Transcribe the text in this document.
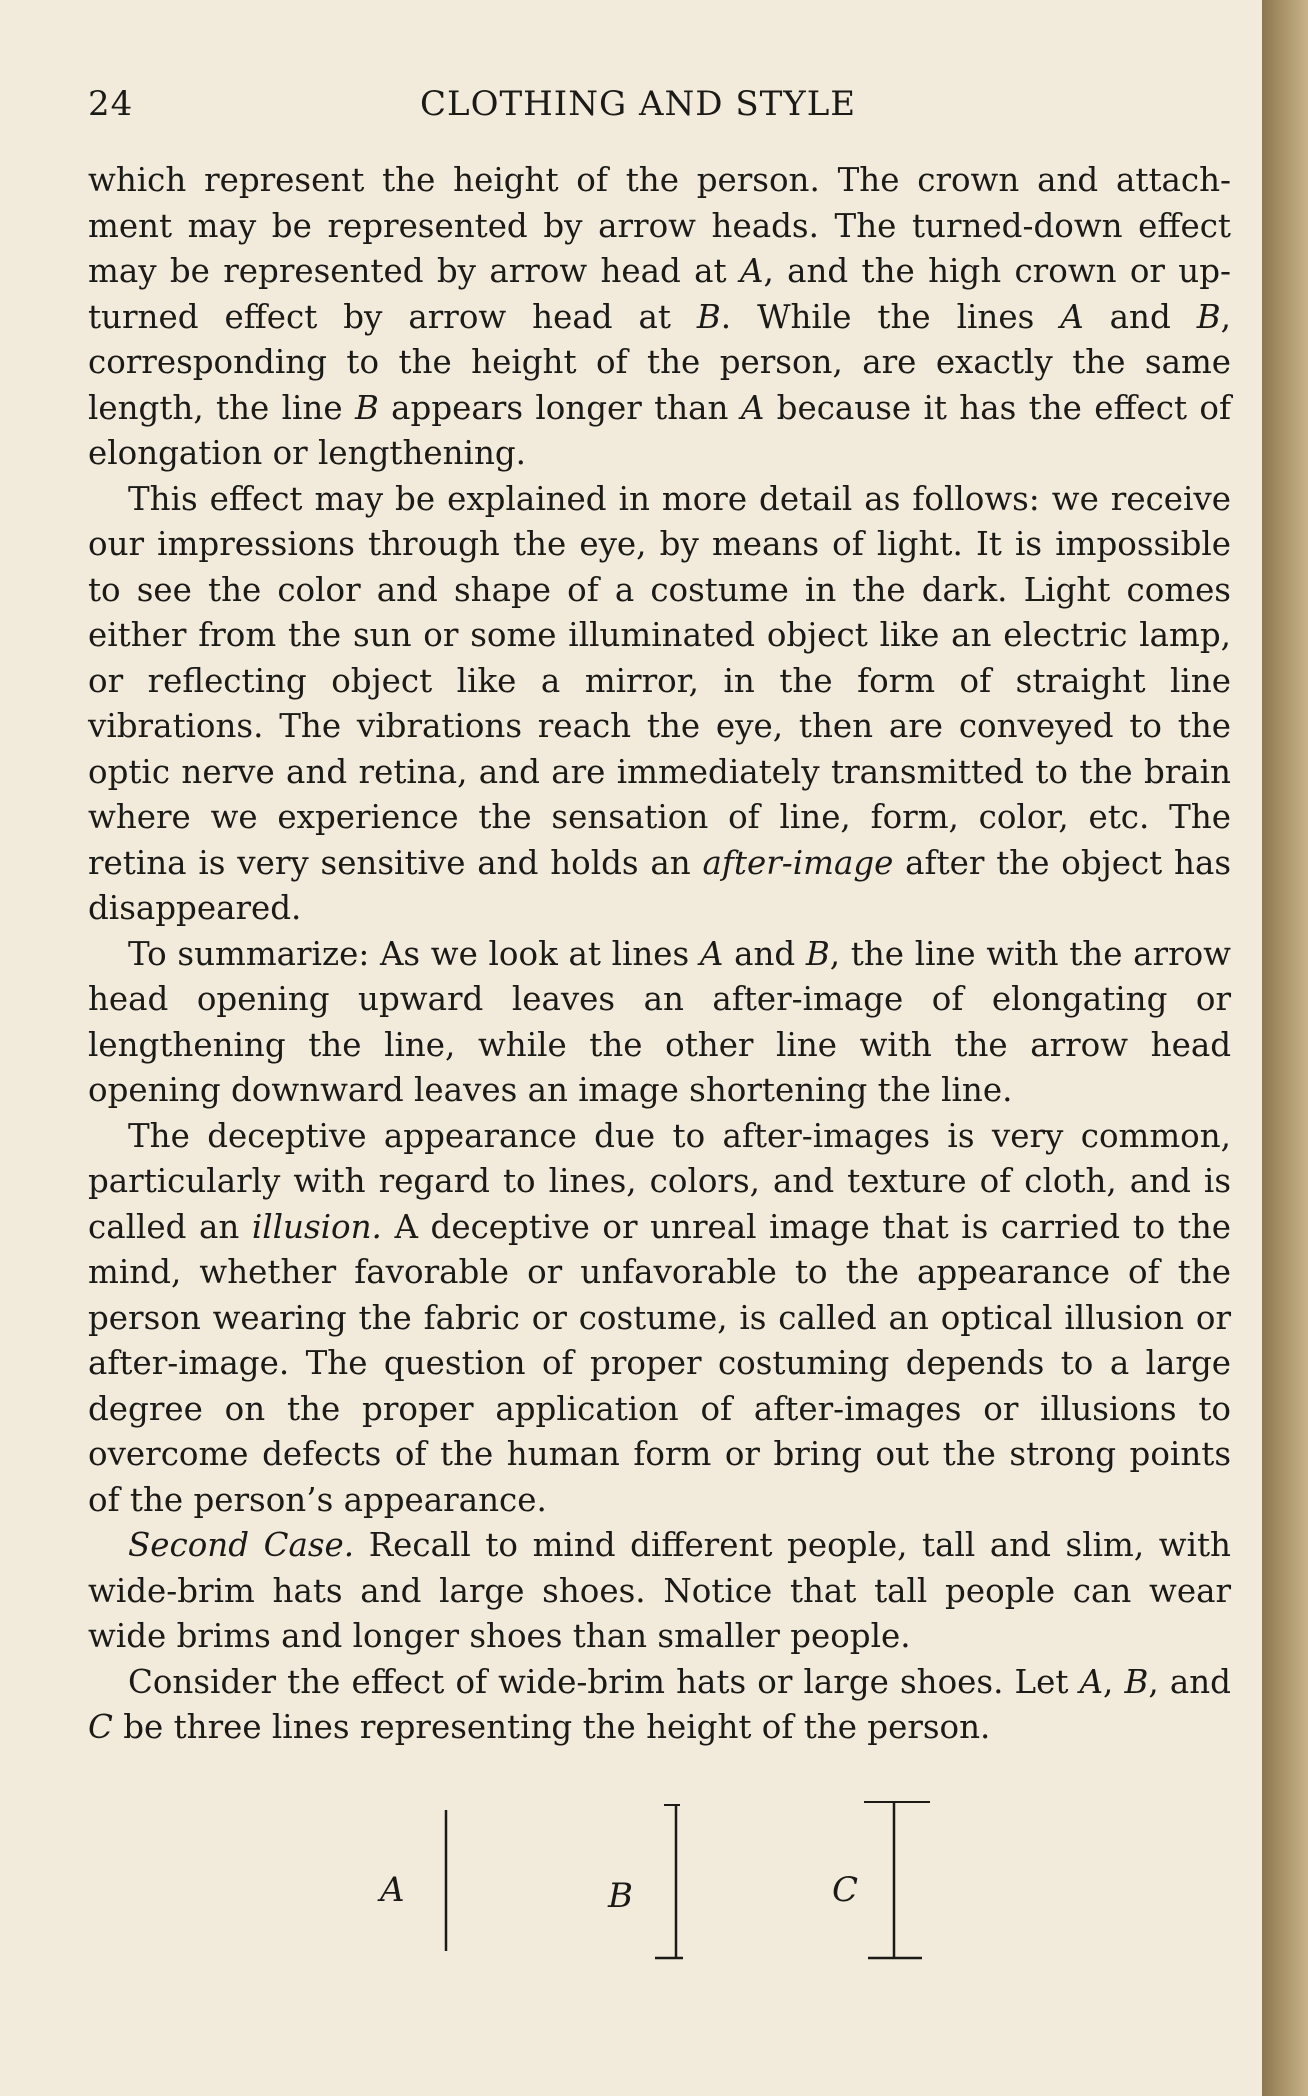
24	CLOTHING AND STYLE

which represent the height of the person. The crown and attach-ment may be represented by arrow heads. The turned-down effect may be represented by arrow head at A, and the high crown or up-turned effect by arrow head at B. While the lines A and B, corresponding to the height of the person, are exactly the same length, the line B appears longer than A because it has the effect of elongation or lengthening.

This effect may be explained in more detail as follows: we receive our impressions through the eye, by means of light. It is impossible to see the color and shape of a costume in the dark. Light comes either from the sun or some illuminated object like an electric lamp, or reflecting object like a mirror, in the form of straight line vibrations. The vibrations reach the eye, then are conveyed to the optic nerve and retina, and are immediately transmitted to the brain where we experience the sensation of line, form, color, etc. The retina is very sensitive and holds an after-image after the object has disappeared.

To summarize: As we look at lines A and B, the line with the arrow head opening upward leaves an after-image of elongating or lengthening the line, while the other line with the arrow head opening downward leaves an image shortening the line.

The deceptive appearance due to after-images is very common, particularly with regard to lines, colors, and texture of cloth, and is called an illusion. A deceptive or unreal image that is carried to the mind, whether favorable or unfavorable to the appearance of the person wearing the fabric or costume, is called an optical illusion or after-image. The question of proper costuming depends to a large degree on the proper application of after-images or illusions to overcome defects of the human form or bring out the strong points of the person’s appearance.

Second Case. Recall to mind different people, tall and slim, with wide-brim hats and large shoes. Notice that tall people can wear wide brims and longer shoes than smaller people.

Consider the effect of wide-brim hats or large shoes. Let A, B, and C be three lines representing the height of the person.

A	B	C
